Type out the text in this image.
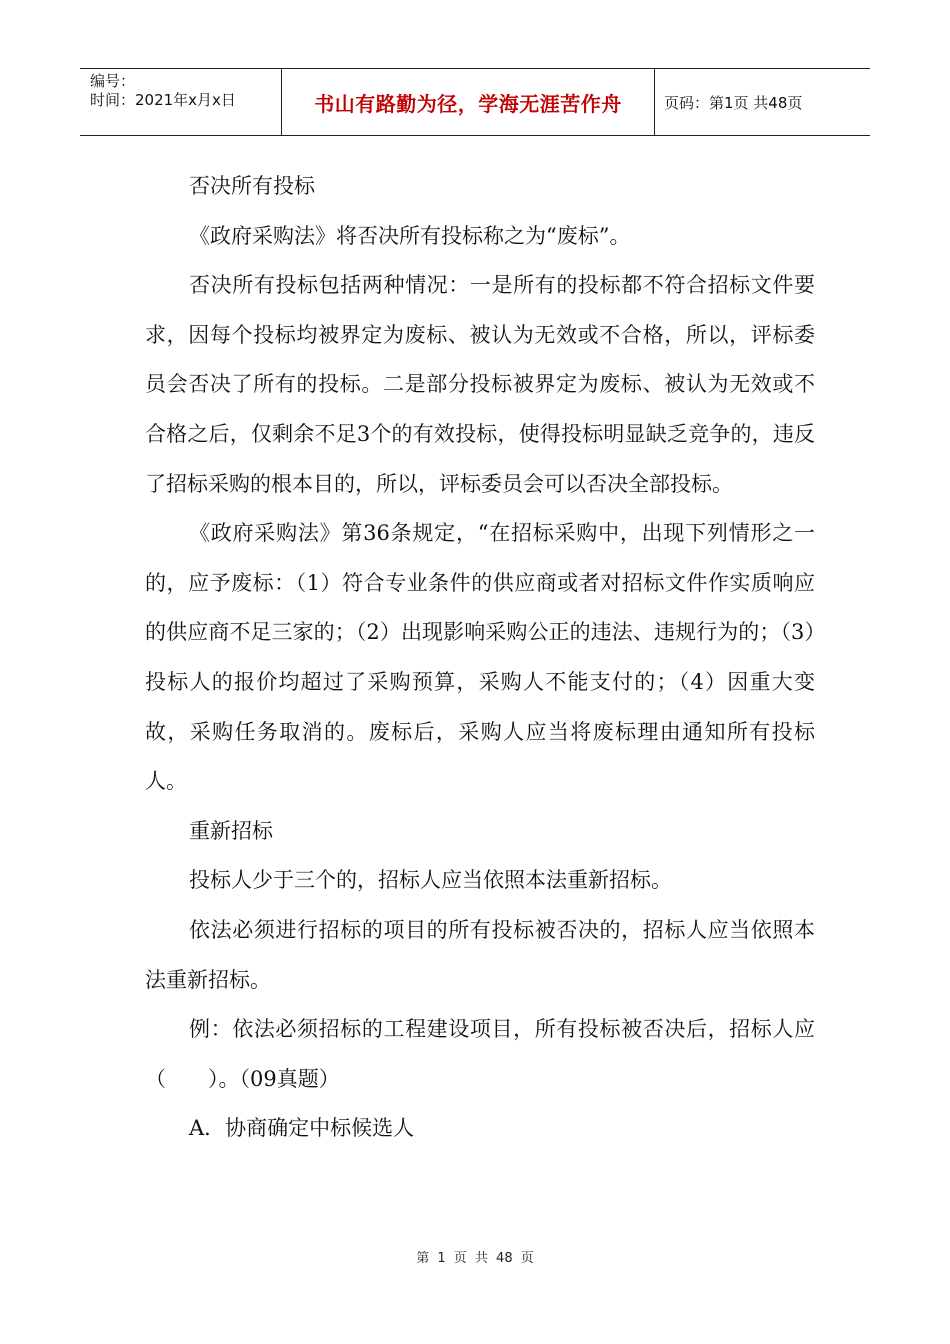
编号：
时间：2021年x月x日	书山有路勤为径，学海无涯苦作舟	页码：第1页 共48页

否决所有投标

《政府采购法》将否决所有投标称之为“废标”。

否决所有投标包括两种情况：一是所有的投标都不符合招标文件要求，因每个投标均被界定为废标、被认为无效或不合格，所以，评标委员会否决了所有的投标。二是部分投标被界定为废标、被认为无效或不合格之后，仅剩余不足3个的有效投标，使得投标明显缺乏竞争的，违反了招标采购的根本目的，所以，评标委员会可以否决全部投标。

《政府采购法》第36条规定，“在招标采购中，出现下列情形之一的，应予废标：（1）符合专业条件的供应商或者对招标文件作实质响应的供应商不足三家的；（2）出现影响采购公正的违法、违规行为的；（3）投标人的报价均超过了采购预算，采购人不能支付的；（4）因重大变故，采购任务取消的。废标后，采购人应当将废标理由通知所有投标人。

重新招标

投标人少于三个的，招标人应当依照本法重新招标。

依法必须进行招标的项目的所有投标被否决的，招标人应当依照本法重新招标。

例：依法必须招标的工程建设项目，所有投标被否决后，招标人应（　　）。（09真题）

A．协商确定中标候选人

第 1 页 共 48 页
